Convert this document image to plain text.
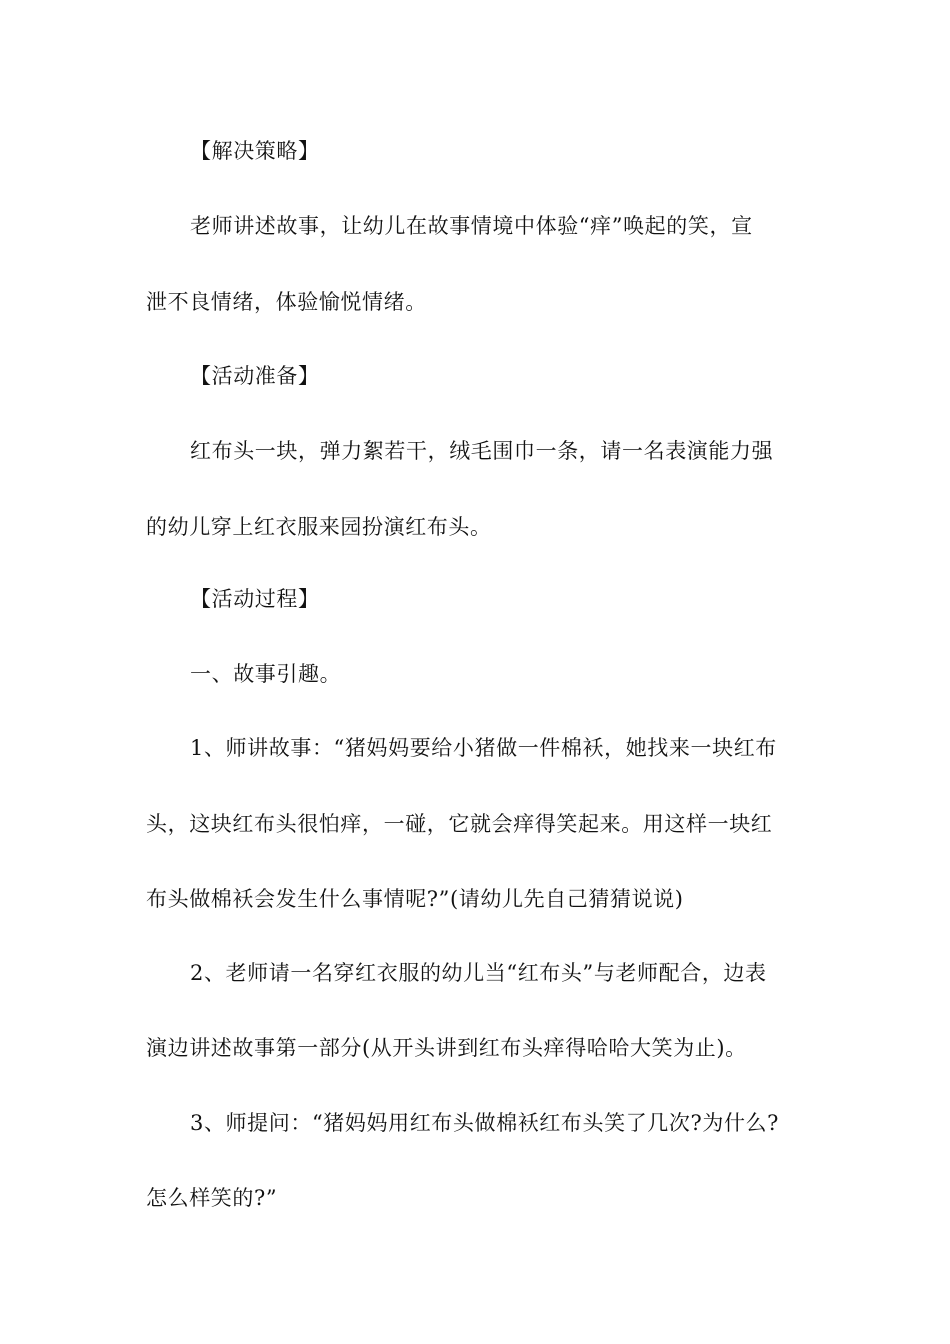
【解决策略】
老师讲述故事，让幼儿在故事情境中体验“痒”唤起的笑，宣
泄不良情绪，体验愉悦情绪。
【活动准备】
红布头一块，弹力絮若干，绒毛围巾一条，请一名表演能力强
的幼儿穿上红衣服来园扮演红布头。
【活动过程】
一、故事引趣。
1、师讲故事：“猪妈妈要给小猪做一件棉袄，她找来一块红布
头，这块红布头很怕痒，一碰，它就会痒得笑起来。用这样一块红
布头做棉袄会发生什么事情呢?”(请幼儿先自己猜猜说说)
2、老师请一名穿红衣服的幼儿当“红布头”与老师配合，边表
演边讲述故事第一部分(从开头讲到红布头痒得哈哈大笑为止)。
3、师提问：“猪妈妈用红布头做棉袄红布头笑了几次?为什么?
怎么样笑的?”
